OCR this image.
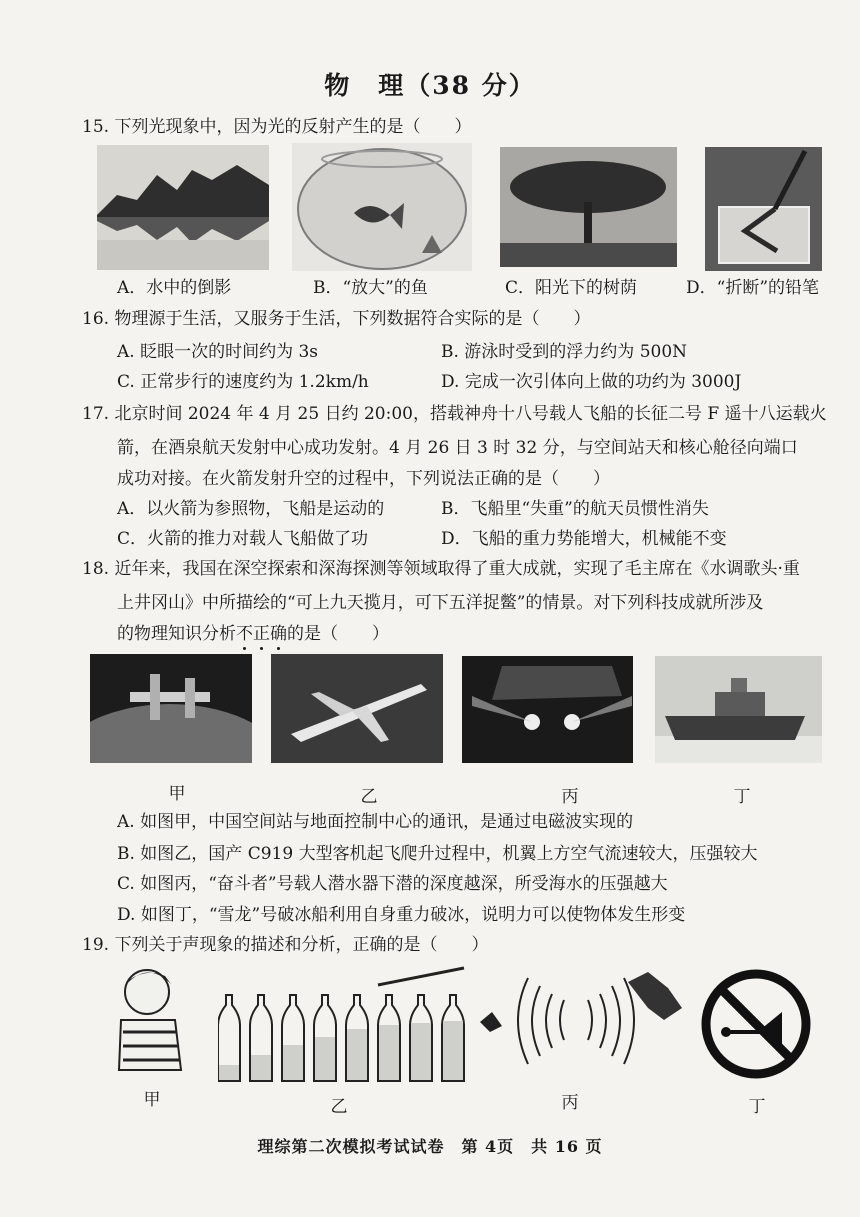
物　理（38 分）
15. 下列光现象中，因为光的反射产生的是（　　）
A．水中的倒影	B．“放大”的鱼	C．阳光下的树荫	D．“折断”的铅笔
16. 物理源于生活，又服务于生活，下列数据符合实际的是（　　）
A. 眨眼一次的时间约为 3s	B. 游泳时受到的浮力约为 500N
C. 正常步行的速度约为 1.2km/h	D. 完成一次引体向上做的功约为 3000J
17. 北京时间 2024 年 4 月 25 日约 20:00，搭载神舟十八号载人飞船的长征二号 F 遥十八运载火
箭，在酒泉航天发射中心成功发射。4 月 26 日 3 时 32 分，与空间站天和核心舱径向端口
成功对接。在火箭发射升空的过程中，下列说法正确的是（　　）
A．以火箭为参照物，飞船是运动的	B．飞船里“失重”的航天员惯性消失
C．火箭的推力对载人飞船做了功	D．飞船的重力势能增大，机械能不变
18. 近年来，我国在深空探索和深海探测等领域取得了重大成就，实现了毛主席在《水调歌头·重
上井冈山》中所描绘的“可上九天揽月，可下五洋捉鳖”的情景。对下列科技成就所涉及
的物理知识分析不正确的是（　　）
甲	乙	丙	丁
A. 如图甲，中国空间站与地面控制中心的通讯，是通过电磁波实现的
B. 如图乙，国产 C919 大型客机起飞爬升过程中，机翼上方空气流速较大，压强较大
C. 如图丙，“奋斗者”号载人潜水器下潜的深度越深，所受海水的压强越大
D. 如图丁，“雪龙”号破冰船利用自身重力破冰，说明力可以使物体发生形变
19. 下列关于声现象的描述和分析，正确的是（　　）
甲	乙	丙	丁
理综第二次模拟考试试卷　第 4页　共 16 页
